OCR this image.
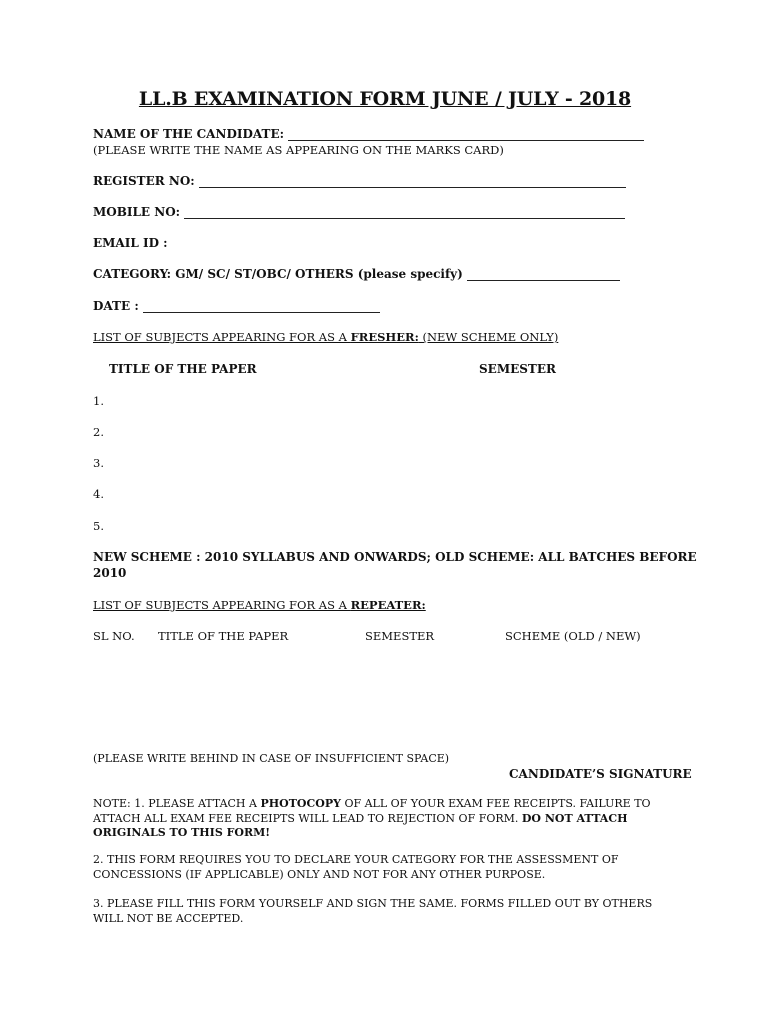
LL.B EXAMINATION FORM JUNE / JULY - 2018
NAME OF THE CANDIDATE:
(PLEASE WRITE THE NAME AS APPEARING ON THE MARKS CARD)
REGISTER NO:
MOBILE NO:
EMAIL ID :
CATEGORY: GM/ SC/ ST/OBC/ OTHERS (please specify)
DATE :
LIST OF SUBJECTS APPEARING FOR AS A FRESHER: (NEW SCHEME ONLY)
TITLE OF THE PAPER	SEMESTER
1.
2.
3.
4.
5.
NEW SCHEME : 2010 SYLLABUS AND ONWARDS; OLD SCHEME: ALL BATCHES BEFORE
2010
LIST OF SUBJECTS APPEARING FOR AS A REPEATER:
SL NO. TITLE OF THE PAPER	SEMESTER	SCHEME (OLD / NEW)
(PLEASE WRITE BEHIND IN CASE OF INSUFFICIENT SPACE)
CANDIDATE’S SIGNATURE
NOTE: 1. PLEASE ATTACH A PHOTOCOPY OF ALL OF YOUR EXAM FEE RECEIPTS. FAILURE TO ATTACH ALL EXAM FEE RECEIPTS WILL LEAD TO REJECTION OF FORM. DO NOT ATTACH ORIGINALS TO THIS FORM!
2. THIS FORM REQUIRES YOU TO DECLARE YOUR CATEGORY FOR THE ASSESSMENT OF CONCESSIONS (IF APPLICABLE) ONLY AND NOT FOR ANY OTHER PURPOSE.
3. PLEASE FILL THIS FORM YOURSELF AND SIGN THE SAME. FORMS FILLED OUT BY OTHERS WILL NOT BE ACCEPTED.
